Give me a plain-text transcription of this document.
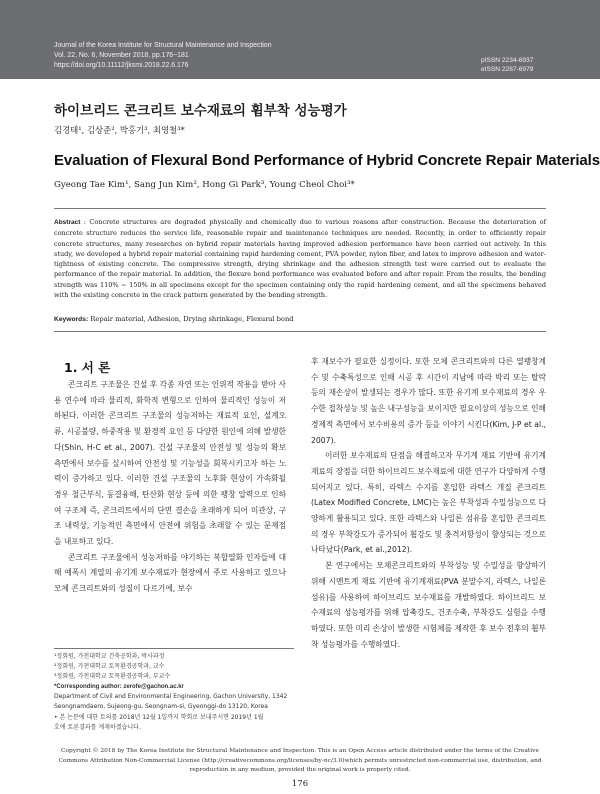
Journal of the Korea Institute for Structural Maintenance and Inspection
Vol. 22, No. 6, November 2018, pp.176~181
https://doi.org/10.11112/jksmi.2018.22.6.176
pISSN 2234-6937
eISSN 2287-6979
하이브리드 콘크리트 보수재료의 휨부착 성능평가
김경태¹, 김상준², 박홍기³, 최영철³*
Evaluation of Flexural Bond Performance of Hybrid Concrete Repair Materials
Gyeong Tae Kim¹, Sang Jun Kim², Hong Gi Park³, Young Cheol Choi³*
Abstract : Concrete structures are degraded physically and chemically due to various reasons after construction. Because the deterioration of concrete structure reduces the service life, reasonable repair and maintenance techniques are needed. Recently, in order to efficiently repair concrete structures, many researches on hybrid repair materials having improved adhesion performance have been carried out actively. In this study, we developed a hybrid repair material containing rapid hardening cement, PVA powder, nylon fiber, and latex to improve adhesion and water-tightness of existing concrete. The compressive strength, drying shrinkage and the adhesion strength test were carried out to evaluate the performance of the repair material. In addition, the flexure bond performance was evaluated before and after repair. From the results, the bending strength was 110% ~ 150% in all specimens except for the specimen containing only the rapid hardening cement, and all the specimens behaved with the existing concrete in the crack pattern generated by the bending strength.
Keywords: Repair material, Adhesion, Drying shrinkage, Flexural bond
1. 서 론

콘크리트 구조물은 건설 후 각종 자연 또는 인위적 작용을 받아 사용 연수에 따라 물리적, 화학적 변형으로 인하여 물리적인 성능이 저하된다. 이러한 콘크리트 구조물의 성능저하는 재료적 요인, 설계오류, 시공불량, 하중작용 및 환경적 요인 등 다양한 원인에 의해 발생한다(Shin, H-C et al., 2007). 건설 구조물의 안전성 및 성능의 확보 측면에서 보수를 실시하여 안전성 및 기능성을 회복시키고자 하는 노력이 증가하고 있다. 이러한 건설 구조물의 노후화 현상이 가속화될 경우 철근부식, 동결융해, 탄산화 현상 등에 의한 팽창 압력으로 인하여 구조체 즉, 콘크리트에서의 단면 결손을 초래하게 되어 미관상, 구조 내력상, 기능적인 측면에서 안전에 위험을 초래할 수 있는 문제점을 내포하고 있다.

콘크리트 구조물에서 성능저하를 야기하는 복합열화 인자들에 대해 예폭시 계열의 유기계 보수재료가 현장에서 주로 사용하고 있으나 모체 콘크리트와의 성질이 다르기에, 보수

후 재보수가 필요한 실정이다. 또한 모체 콘크리트와의 다른 열팽창계수 및 수축특성으로 인해 시공 후 시간이 지남에 따라 박리 또는 탈락 등의 재손상이 발생되는 경우가 많다. 또한 유기계 보수재료의 경우 우수한 접착성능 및 높은 내구성능을 보이지만 필요이상의 성능으로 인해 경제적 측면에서 보수비용의 증가 등을 이야기 시킨다(Kim, J-P et al., 2007).

이러한 보수재료의 단점을 해결하고자 무기계 재료 기반에 유기계 재료의 장점을 더한 하이브리드 보수재료에 대한 연구가 다양하게 수행되어지고 있다. 특히, 라텍스 수지를 혼입한 라텍스 개질 콘크리트(Latex Modified Concrete, LMC)는 높은 부착성과 수밀성능으로 다양하게 활용되고 있다. 또한 라텍스와 나일론 섬유를 혼입한 콘크리트의 경우 부착강도가 증가되어 휨강도 및 충격저항성이 향상되는 것으로 나타났다(Park, et al.,2012).

본 연구에서는 모체콘크리트와의 부착성능 및 수밀성을 향상하기 위해 시멘트계 재료 기반에 유기계재료(PVA 분말수지, 라텍스, 나일론 섬유)를 사용하여 하이브리드 보수재료를 개발하였다. 하이브리드 보수재료의 성능평가를 위해 압축강도, 건조수축, 부착강도 실험을 수행하였다. 또한 미리 손상이 발생한 시험체를 제작한 후 보수 전후의 휨부착 성능평가를 수행하였다.

¹정회원, 가천대학교 건축공학과, 박사과정
²정회원, 가천대학교 토목환경공학과, 교수
³정회원, 가천대학교 토목환경공학과, 부교수
*Corresponding author: zerofe@gachon.ac.kr
Department of Civil and Environmental Engineering, Gachon University, 1342
Seongnamdaero, Sujeong-gu, Seongnam-si, Gyeonggi-do 13120, Korea
• 본 논문에 대한 토의를 2018년 12월 1일까지 학회로 보내주시면 2019년 1월
호에 토론결과를 게재하겠습니다.
Copyright © 2018 by The Korea Institute for Structural Maintenance and Inspection. This is an Open Access article distributed under the terms of the Creative Commons Attribution Non-Commercial License (http://creativecommons.org/licenses/by-nc/3.0)which permits unrestricted non-commercial use, distribution, and reproduction in any medium, provided the original work is properly cited.
176
